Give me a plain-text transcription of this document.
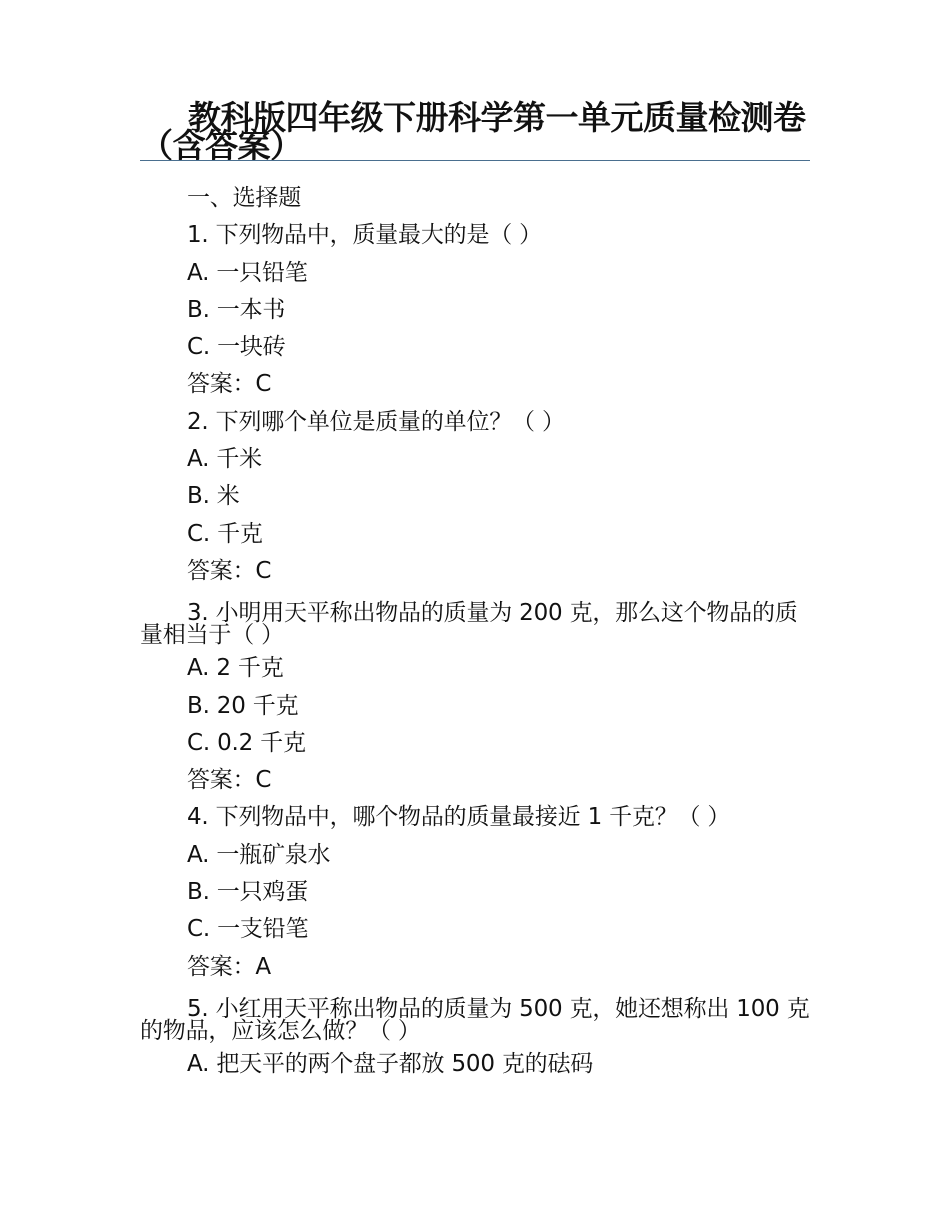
教科版四年级下册科学第一单元质量检测卷（含答案）
一、选择题
1. 下列物品中，质量最大的是（ ）
A. 一只铅笔
B. 一本书
C. 一块砖
答案：C
2. 下列哪个单位是质量的单位？（ ）
A. 千米
B. 米
C. 千克
答案：C
3. 小明用天平称出物品的质量为 200 克，那么这个物品的质量相当于（ ）
A. 2 千克
B. 20 千克
C. 0.2 千克
答案：C
4. 下列物品中，哪个物品的质量最接近 1 千克？（ ）
A. 一瓶矿泉水
B. 一只鸡蛋
C. 一支铅笔
答案：A
5. 小红用天平称出物品的质量为 500 克，她还想称出 100 克的物品，应该怎么做？（ ）
A. 把天平的两个盘子都放 500 克的砝码
